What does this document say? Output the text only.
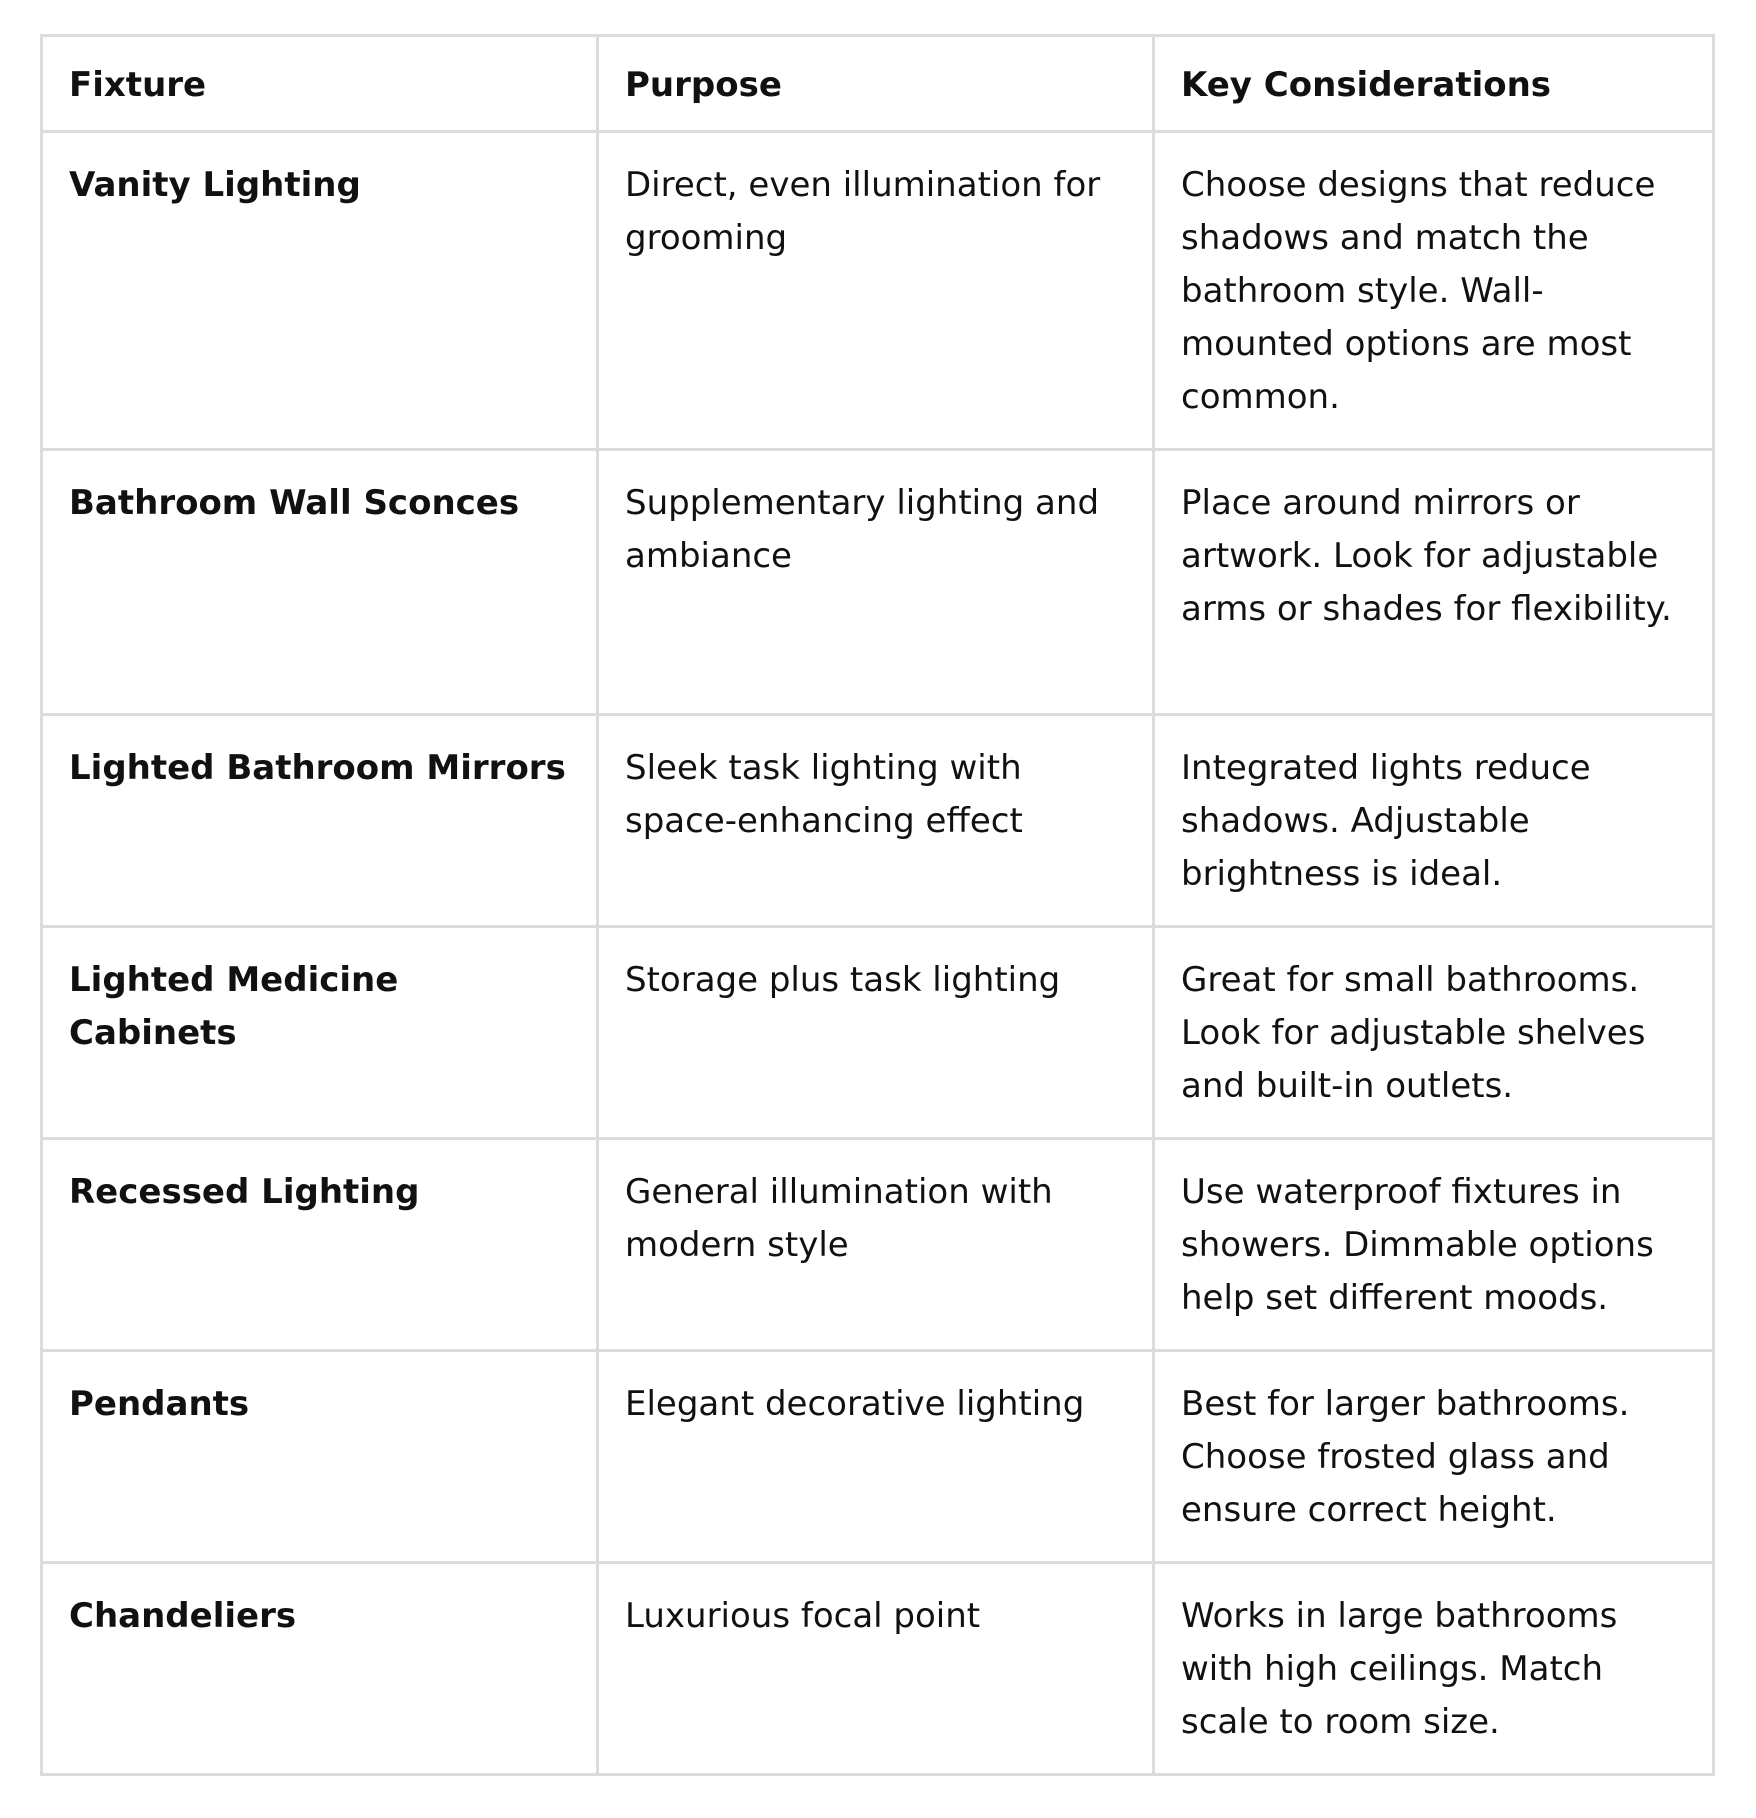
Fixture	Purpose	Key Considerations
Vanity Lighting	Direct, even illumination for grooming	Choose designs that reduce shadows and match the bathroom style. Wall-mounted options are most common.
Bathroom Wall Sconces	Supplementary lighting and ambiance	Place around mirrors or artwork. Look for adjustable arms or shades for flexibility.
Lighted Bathroom Mirrors	Sleek task lighting with space-enhancing effect	Integrated lights reduce shadows. Adjustable brightness is ideal.
Lighted Medicine Cabinets	Storage plus task lighting	Great for small bathrooms. Look for adjustable shelves and built-in outlets.
Recessed Lighting	General illumination with modern style	Use waterproof fixtures in showers. Dimmable options help set different moods.
Pendants	Elegant decorative lighting	Best for larger bathrooms. Choose frosted glass and ensure correct height.
Chandeliers	Luxurious focal point	Works in large bathrooms with high ceilings. Match scale to room size.
